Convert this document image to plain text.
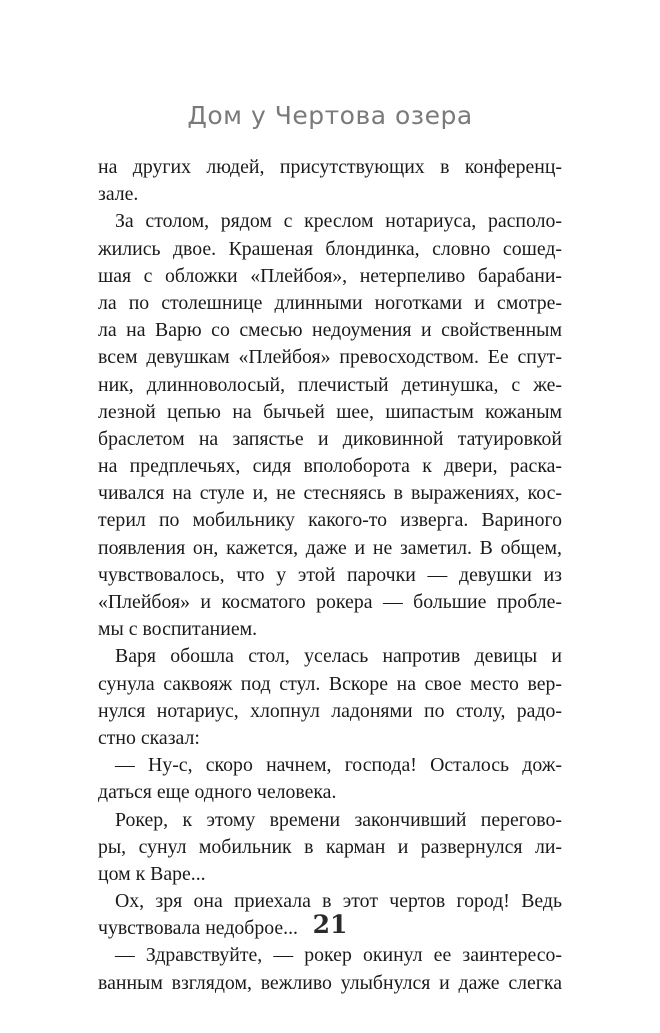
Дом у Чертова озера
на других людей, присутствующих в конференц-
зале.
За столом, рядом с креслом нотариуса, располо-
жились двое. Крашеная блондинка, словно сошед-
шая с обложки «Плейбоя», нетерпеливо барабани-
ла по столешнице длинными ноготками и смотре-
ла на Варю со смесью недоумения и свойственным
всем девушкам «Плейбоя» превосходством. Ее спут-
ник, длинноволосый, плечистый детинушка, с же-
лезной цепью на бычьей шее, шипастым кожаным
браслетом на запястье и диковинной татуировкой
на предплечьях, сидя вполоборота к двери, раска-
чивался на стуле и, не стесняясь в выражениях, кос-
терил по мобильнику какого-то изверга. Вариного
появления он, кажется, даже и не заметил. В общем,
чувствовалось, что у этой парочки — девушки из
«Плейбоя» и косматого рокера — большие пробле-
мы с воспитанием.
Варя обошла стол, уселась напротив девицы и
сунула саквояж под стул. Вскоре на свое место вер-
нулся нотариус, хлопнул ладонями по столу, радо-
стно сказал:
— Ну-с, скоро начнем, господа! Осталось дож-
даться еще одного человека.
Рокер, к этому времени закончивший перегово-
ры, сунул мобильник в карман и развернулся ли-
цом к Варе...
Ох, зря она приехала в этот чертов город! Ведь
чувствовала недоброе...
— Здравствуйте, — рокер окинул ее заинтересо-
ванным взглядом, вежливо улыбнулся и даже слегка
21
